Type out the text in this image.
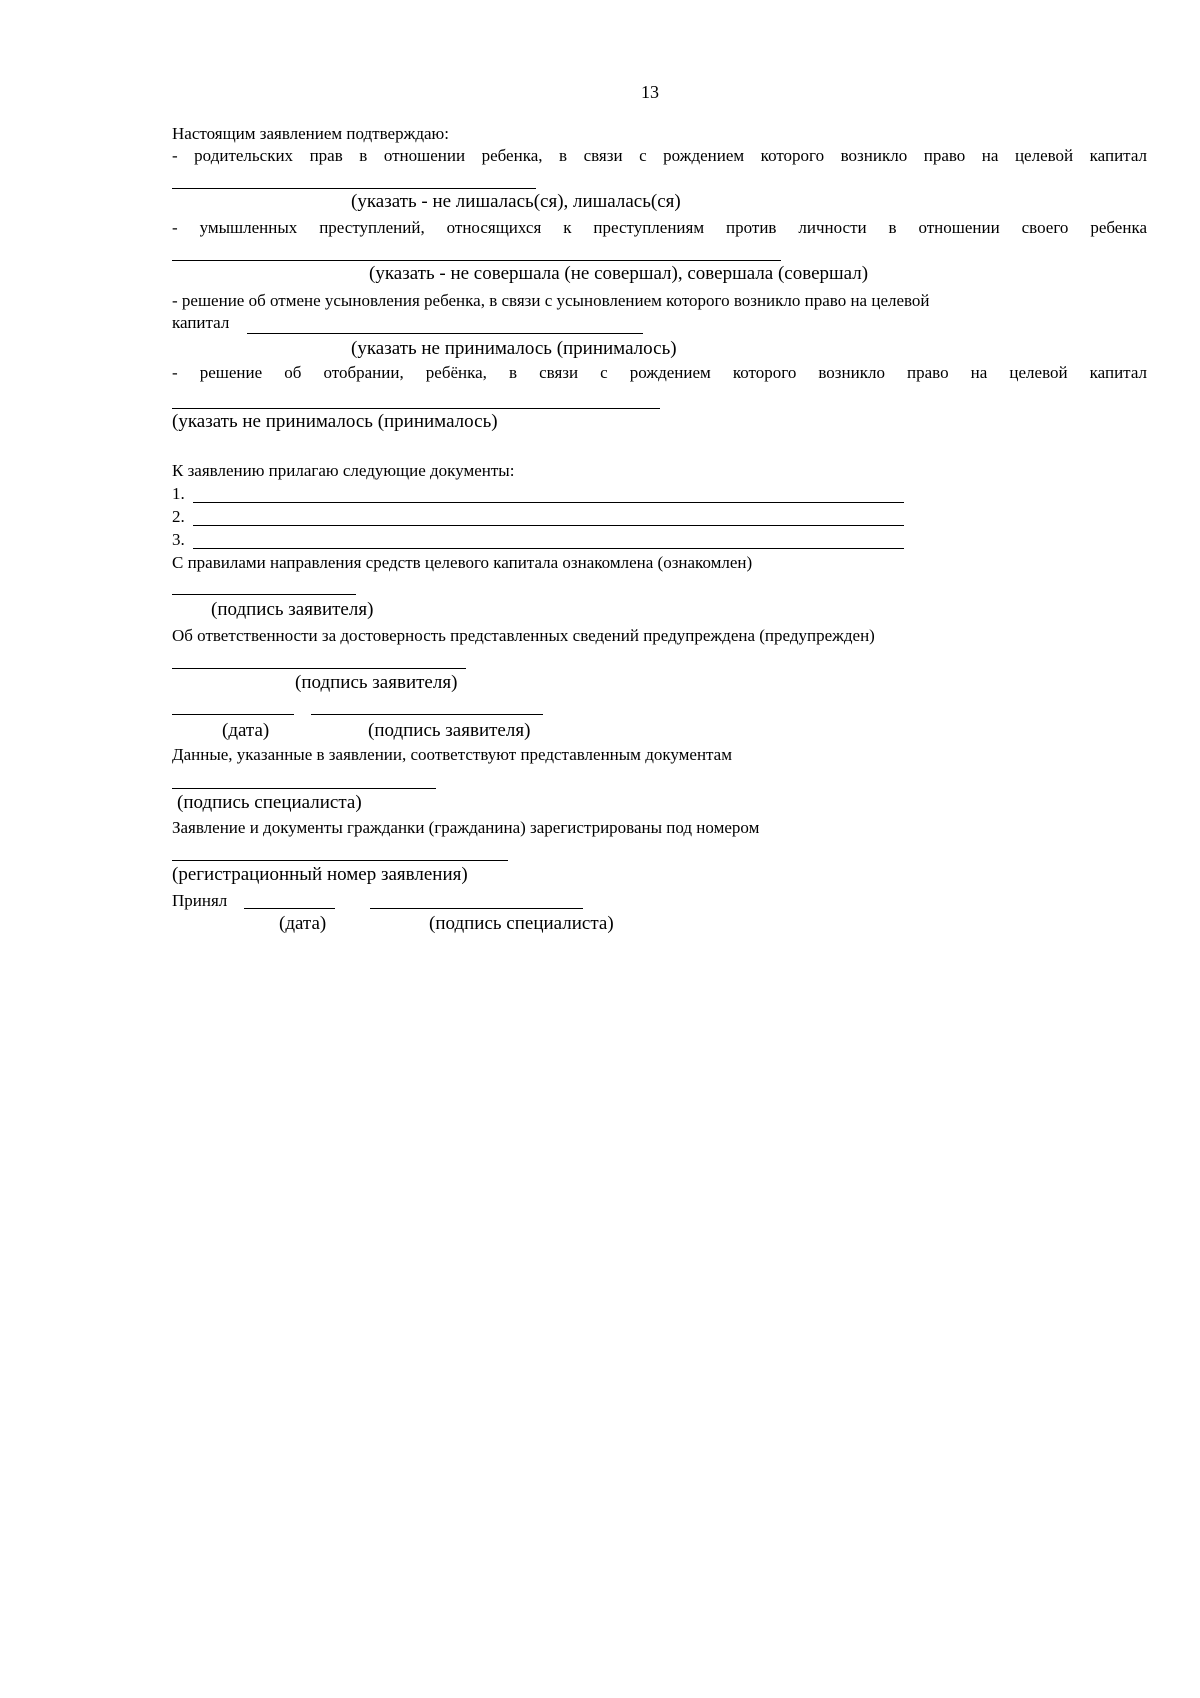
13
Настоящим заявлением подтверждаю:
- родительских прав в отношении ребенка, в связи с рождением которого возникло право на целевой капитал
(указать - не лишалась(ся), лишалась(ся)
- умышленных преступлений, относящихся к преступлениям против личности в отношении своего ребенка
(указать - не совершала (не совершал), совершала (совершал)
- решение об отмене усыновления ребенка, в связи с усыновлением которого возникло право на целевой
капитал
(указать не принималось (принималось)
- решение об отобрании, ребёнка, в связи с рождением которого возникло право на целевой капитал
(указать не принималось (принималось)
К заявлению прилагаю следующие документы:
1.
2.
3.
С правилами направления средств целевого капитала ознакомлена (ознакомлен)
(подпись заявителя)
Об ответственности за достоверность представленных сведений предупреждена (предупрежден)
(подпись заявителя)
(дата)	(подпись заявителя)
Данные, указанные в заявлении, соответствуют представленным документам
(подпись специалиста)
Заявление и документы гражданки (гражданина) зарегистрированы под номером
(регистрационный номер заявления)
Принял
(дата)	(подпись специалиста)
